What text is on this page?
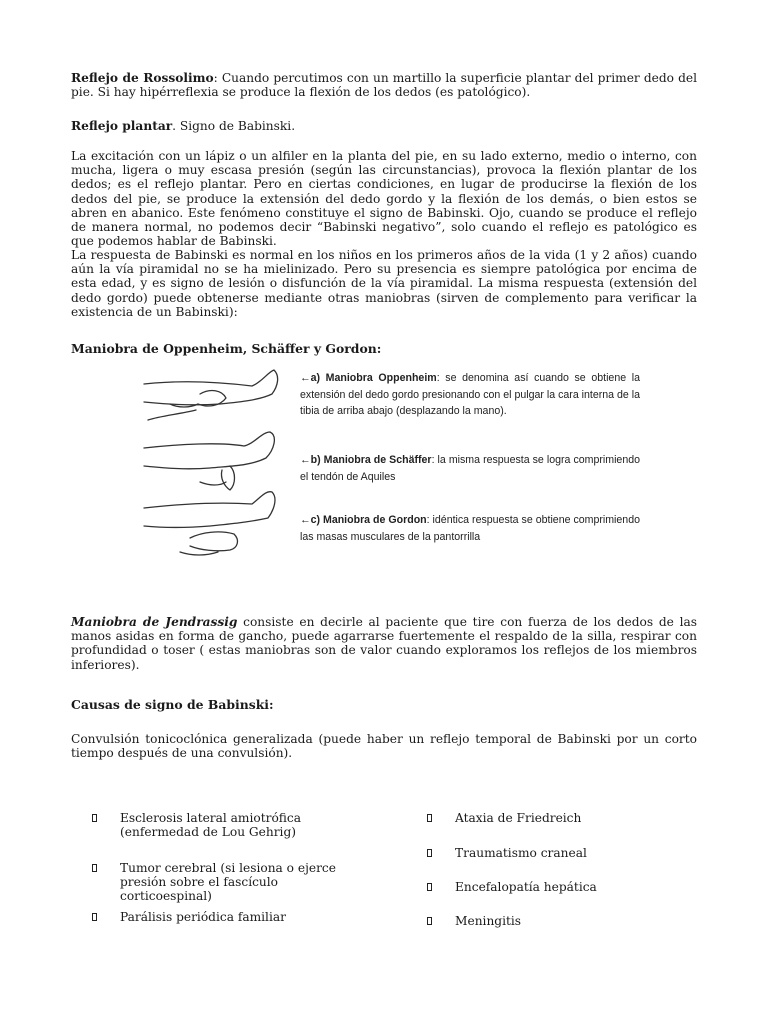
Reflejo de Rossolimo: Cuando percutimos con un martillo la superficie plantar del primer dedo del pie. Si hay hipérreflexia se produce la flexión de los dedos (es patológico).

Reflejo plantar. Signo de Babinski.

La excitación con un lápiz o un alfiler en la planta del pie, en su lado externo, medio o interno, con mucha, ligera o muy escasa presión (según las circunstancias), provoca la flexión plantar de los dedos; es el reflejo plantar. Pero en ciertas condiciones, en lugar de producirse la flexión de los dedos del pie, se produce la extensión del dedo gordo y la flexión de los demás, o bien estos se abren en abanico. Este fenómeno constituye el signo de Babinski. Ojo, cuando se produce el reflejo de manera normal, no podemos decir “Babinski negativo”, solo cuando el reflejo es patológico es que podemos hablar de Babinski.

La respuesta de Babinski es normal en los niños en los primeros años de la vida (1 y 2 años) cuando aún la vía piramidal no se ha mielinizado. Pero su presencia es siempre patológica por encima de esta edad, y es signo de lesión o disfunción de la vía piramidal. La misma respuesta (extensión del dedo gordo) puede obtenerse mediante otras maniobras (sirven de complemento para verificar la existencia de un Babinski):

Maniobra de Oppenheim, Schäffer y Gordon:
←a) Maniobra Oppenheim: se denomina así cuando se obtiene la extensión del dedo gordo presionando con el pulgar la cara interna de la tibia de arriba abajo (desplazando la mano).
←b) Maniobra de Schäffer: la misma respuesta se logra comprimiendo el tendón de Aquiles
←c) Maniobra de Gordon: idéntica respuesta se obtiene comprimiendo las masas musculares de la pantorrilla

Maniobra de Jendrassig consiste en decirle al paciente que tire con fuerza de los dedos de las manos asidas en forma de gancho, puede agarrarse fuertemente el respaldo de la silla, respirar con profundidad o toser ( estas maniobras son de valor cuando exploramos los reflejos de los miembros inferiores).

Causas de signo de Babinski:

Convulsión tonicoclónica generalizada (puede haber un reflejo temporal de Babinski por un corto tiempo después de una convulsión).

Esclerosis lateral amiotrófica (enfermedad de Lou Gehrig)
Tumor cerebral (si lesiona o ejerce presión sobre el fascículo corticoespinal)
Parálisis periódica familiar
Ataxia de Friedreich
Traumatismo craneal
Encefalopatía hepática
Meningitis
